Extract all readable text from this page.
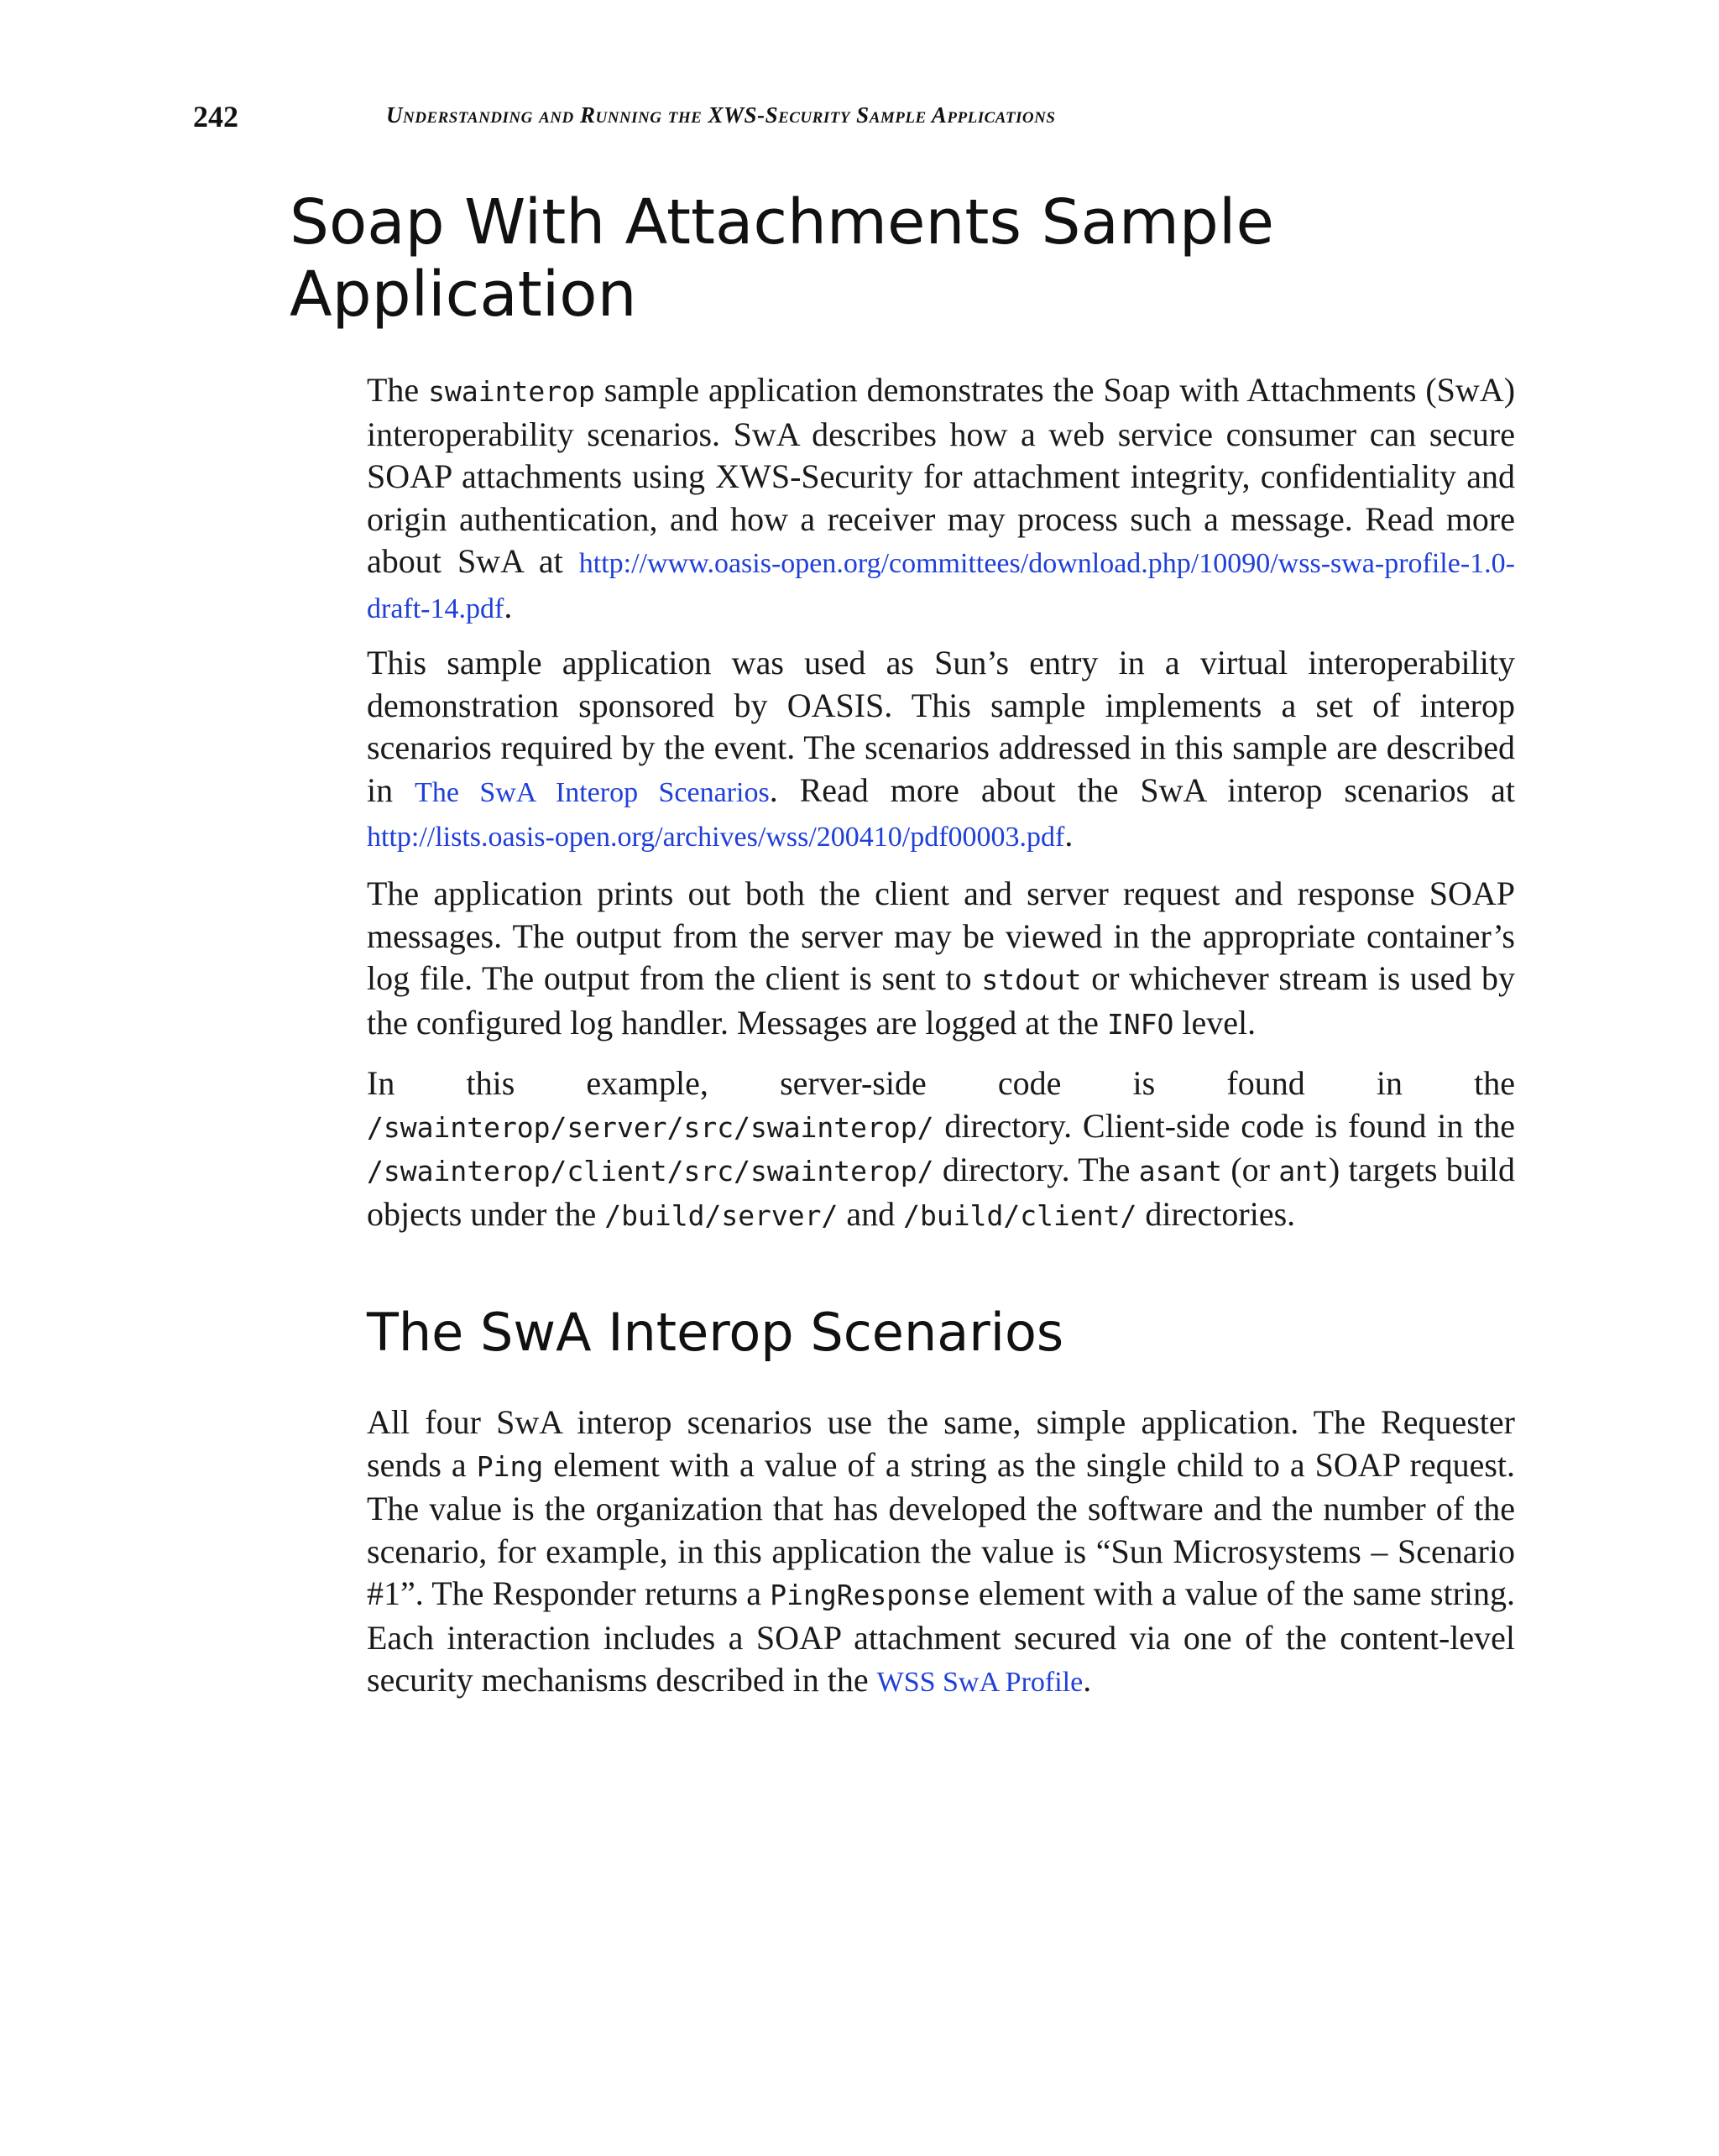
242	Understanding and Running the XWS-Security Sample Applications
Soap With Attachments Sample Application

The swainterop sample application demonstrates the Soap with Attachments (SwA) interoperability scenarios. SwA describes how a web service consumer can secure SOAP attachments using XWS-Security for attachment integrity, confidentiality and origin authentication, and how a receiver may process such a message. Read more about SwA at http://www.oasis-open.org/committees/download.php/10090/wss-swa-profile-1.0-draft-14.pdf.

This sample application was used as Sun’s entry in a virtual interoperability demonstration sponsored by OASIS. This sample implements a set of interop scenarios required by the event. The scenarios addressed in this sample are described in The SwA Interop Scenarios. Read more about the SwA interop scenarios at http://lists.oasis-open.org/archives/wss/200410/pdf00003.pdf.

The application prints out both the client and server request and response SOAP messages. The output from the server may be viewed in the appropriate container’s log file. The output from the client is sent to stdout or whichever stream is used by the configured log handler. Messages are logged at the INFO level.

In this example, server-side code is found in the /swainterop/server/src/swainterop/ directory. Client-side code is found in the /swainterop/client/src/swainterop/ directory. The asant (or ant) targets build objects under the /build/server/ and /build/client/ directories.

The SwA Interop Scenarios

All four SwA interop scenarios use the same, simple application. The Requester sends a Ping element with a value of a string as the single child to a SOAP request. The value is the organization that has developed the software and the number of the scenario, for example, in this application the value is “Sun Microsystems – Scenario #1”. The Responder returns a PingResponse element with a value of the same string. Each interaction includes a SOAP attachment secured via one of the content-level security mechanisms described in the WSS SwA Profile.
